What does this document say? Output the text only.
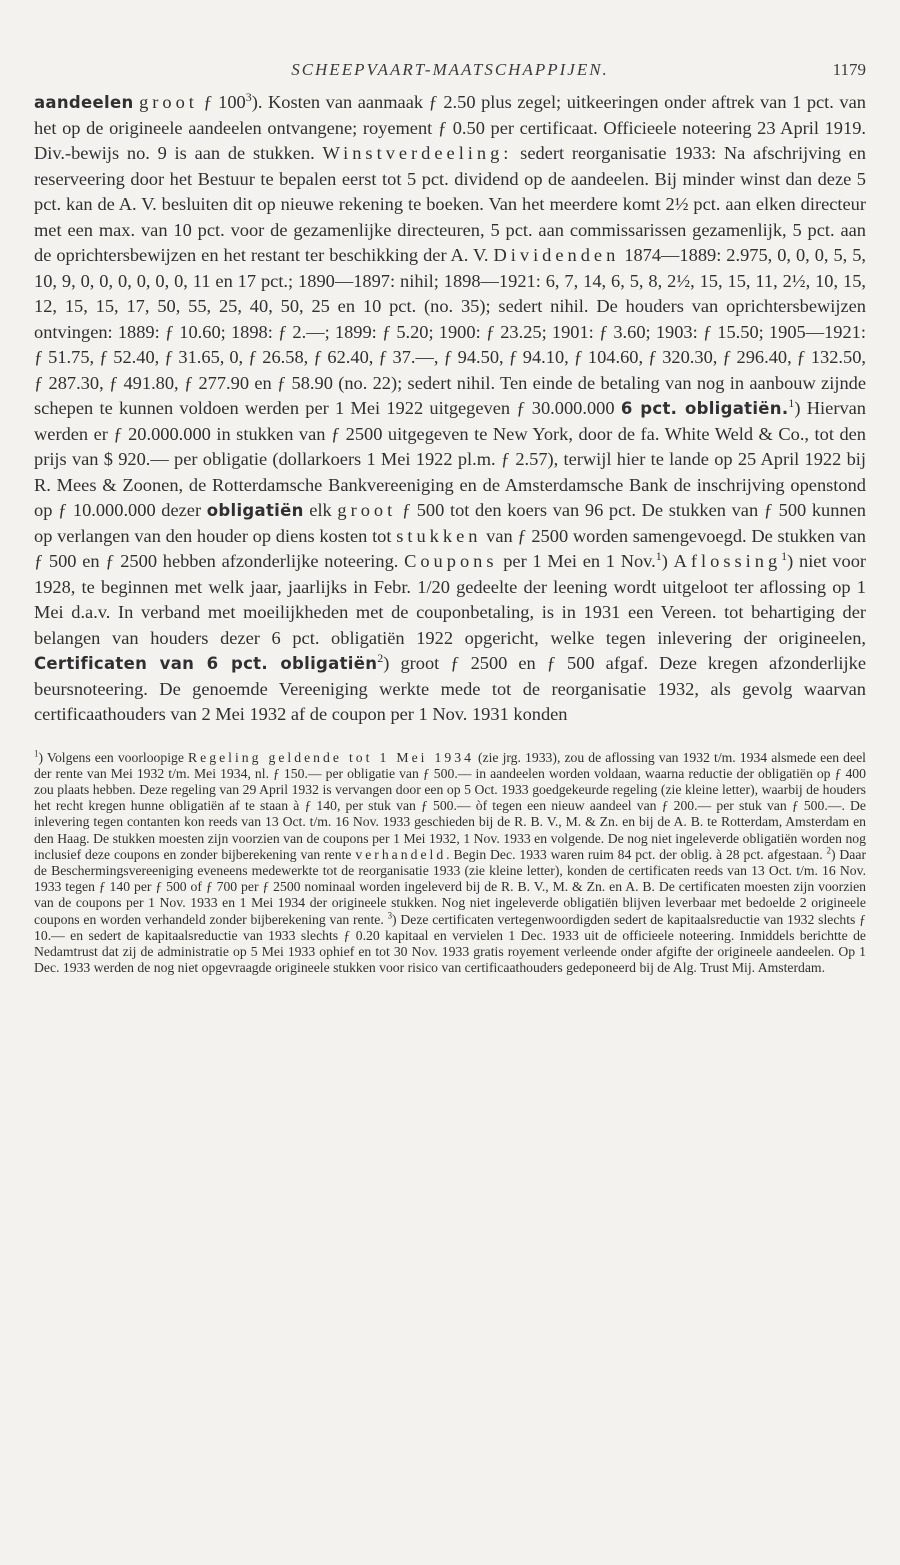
SCHEEPVAART-MAATSCHAPPIJEN.	1179

aandeelen groot ƒ $100^3$). Kosten van aanmaak ƒ 2.50 plus zegel; uitkeeringen onder aftrek van 1 pct. van het op de origineele aandeelen ontvangene; royement ƒ 0.50 per certificaat. Officieele noteering 23 April 1919. Div.-bewijs no. 9 is aan de stukken. Winstverdeeling: sedert reorganisatie 1933: Na afschrijving en reserveering door het Bestuur te bepalen eerst tot 5 pct. dividend op de aandeelen. Bij minder winst dan deze 5 pct. kan de A. V. besluiten dit op nieuwe rekening te boeken. Van het meerdere komt 2½ pct. aan elken directeur met een max. van 10 pct. voor de gezamenlijke directeuren, 5 pct. aan commissarissen gezamenlijk, 5 pct. aan de oprichtersbewijzen en het restant ter beschikking der A. V. Dividenden 1874—1889: 2.975, 0, 0, 0, 5, 5, 10, 9, 0, 0, 0, 0, 0, 0, 11 en 17 pct.; 1890—1897: nihil; 1898—1921: 6, 7, 14, 6, 5, 8, 2½, 15, 15, 11, 2½, 10, 15, 12, 15, 15, 17, 50, 55, 25, 40, 50, 25 en 10 pct. (no. 35); sedert nihil. De houders van oprichtersbewijzen ontvingen: 1889: ƒ 10.60; 1898: ƒ 2.—; 1899: ƒ 5.20; 1900: ƒ 23.25; 1901: ƒ 3.60; 1903: ƒ 15.50; 1905—1921: ƒ 51.75, ƒ 52.40, ƒ 31.65, 0, ƒ 26.58, ƒ 62.40, ƒ 37.—, ƒ 94.50, ƒ 94.10, ƒ 104.60, ƒ 320.30, ƒ 296.40, ƒ 132.50, ƒ 287.30, ƒ 491.80, ƒ 277.90 en ƒ 58.90 (no. 22); sedert nihil. Ten einde de betaling van nog in aanbouw zijnde schepen te kunnen voldoen werden per 1 Mei 1922 uitgegeven ƒ 30.000.000 6 pct. obligatiën.$^1$) Hiervan werden er ƒ 20.000.000 in stukken van ƒ 2500 uitgegeven te New York, door de fa. White Weld & Co., tot den prijs van $ 920.— per obligatie (dollarkoers 1 Mei 1922 pl.m. ƒ 2.57), terwijl hier te lande op 25 April 1922 bij R. Mees & Zoonen, de Rotterdamsche Bankvereeniging en de Amsterdamsche Bank de inschrijving openstond op ƒ 10.000.000 dezer obligatiën elk groot ƒ 500 tot den koers van 96 pct. De stukken van ƒ 500 kunnen op verlangen van den houder op diens kosten tot stukken van ƒ 2500 worden samengevoegd. De stukken van ƒ 500 en ƒ 2500 hebben afzonderlijke noteering. Coupons per 1 Mei en 1 Nov.$^1$) Aflossing$^1$) niet voor 1928, te beginnen met welk jaar, jaarlijks in Febr. 1/20 gedeelte der leening wordt uitgeloot ter aflossing op 1 Mei d.a.v. In verband met moeilijkheden met de couponbetaling, is in 1931 een Vereen. tot behartiging der belangen van houders dezer 6 pct. obligatiën 1922 opgericht, welke tegen inlevering der origineelen, Certificaten van 6 pct. obligatiën$^2$) groot ƒ 2500 en ƒ 500 afgaf. Deze kregen afzonderlijke beursnoteering. De genoemde Vereeniging werkte mede tot de reorganisatie 1932, als gevolg waarvan certificaathouders van 2 Mei 1932 af de coupon per 1 Nov. 1931 konden

$^1$) Volgens een voorloopige Regeling geldende tot 1 Mei 1934 (zie jrg. 1933), zou de aflossing van 1932 t/m. 1934 alsmede een deel der rente van Mei 1932 t/m. Mei 1934, nl. ƒ 150.— per obligatie van ƒ 500.— in aandeelen worden voldaan, waarna reductie der obligatiën op ƒ 400 zou plaats hebben. Deze regeling van 29 April 1932 is vervangen door een op 5 Oct. 1933 goedgekeurde regeling (zie kleine letter), waarbij de houders het recht kregen hunne obligatiën af te staan à ƒ 140, per stuk van ƒ 500.— òf tegen een nieuw aandeel van ƒ 200.— per stuk van ƒ 500.—. De inlevering tegen contanten kon reeds van 13 Oct. t/m. 16 Nov. 1933 geschieden bij de R. B. V., M. & Zn. en bij de A. B. te Rotterdam, Amsterdam en den Haag. De stukken moesten zijn voorzien van de coupons per 1 Mei 1932, 1 Nov. 1933 en volgende. De nog niet ingeleverde obligatiën worden nog inclusief deze coupons en zonder bijberekening van rente verhandeld. Begin Dec. 1933 waren ruim 84 pct. der oblig. à 28 pct. afgestaan. $^2$) Daar de Beschermingsvereeniging eveneens medewerkte tot de reorganisatie 1933 (zie kleine letter), konden de certificaten reeds van 13 Oct. t/m. 16 Nov. 1933 tegen ƒ 140 per ƒ 500 of ƒ 700 per ƒ 2500 nominaal worden ingeleverd bij de R. B. V., M. & Zn. en A. B. De certificaten moesten zijn voorzien van de coupons per 1 Nov. 1933 en 1 Mei 1934 der origineele stukken. Nog niet ingeleverde obligatiën blijven leverbaar met bedoelde 2 origineele coupons en worden verhandeld zonder bijberekening van rente. $^3$) Deze certificaten vertegenwoordigden sedert de kapitaalsreductie van 1932 slechts ƒ 10.— en sedert de kapitaalsreductie van 1933 slechts ƒ 0.20 kapitaal en vervielen 1 Dec. 1933 uit de officieele noteering. Inmiddels berichtte de Nedamtrust dat zij de administratie op 5 Mei 1933 ophief en tot 30 Nov. 1933 gratis royement verleende onder afgifte der origineele aandeelen. Op 1 Dec. 1933 werden de nog niet opgevraagde origineele stukken voor risico van certificaathouders gedeponeerd bij de Alg. Trust Mij. Amsterdam.
